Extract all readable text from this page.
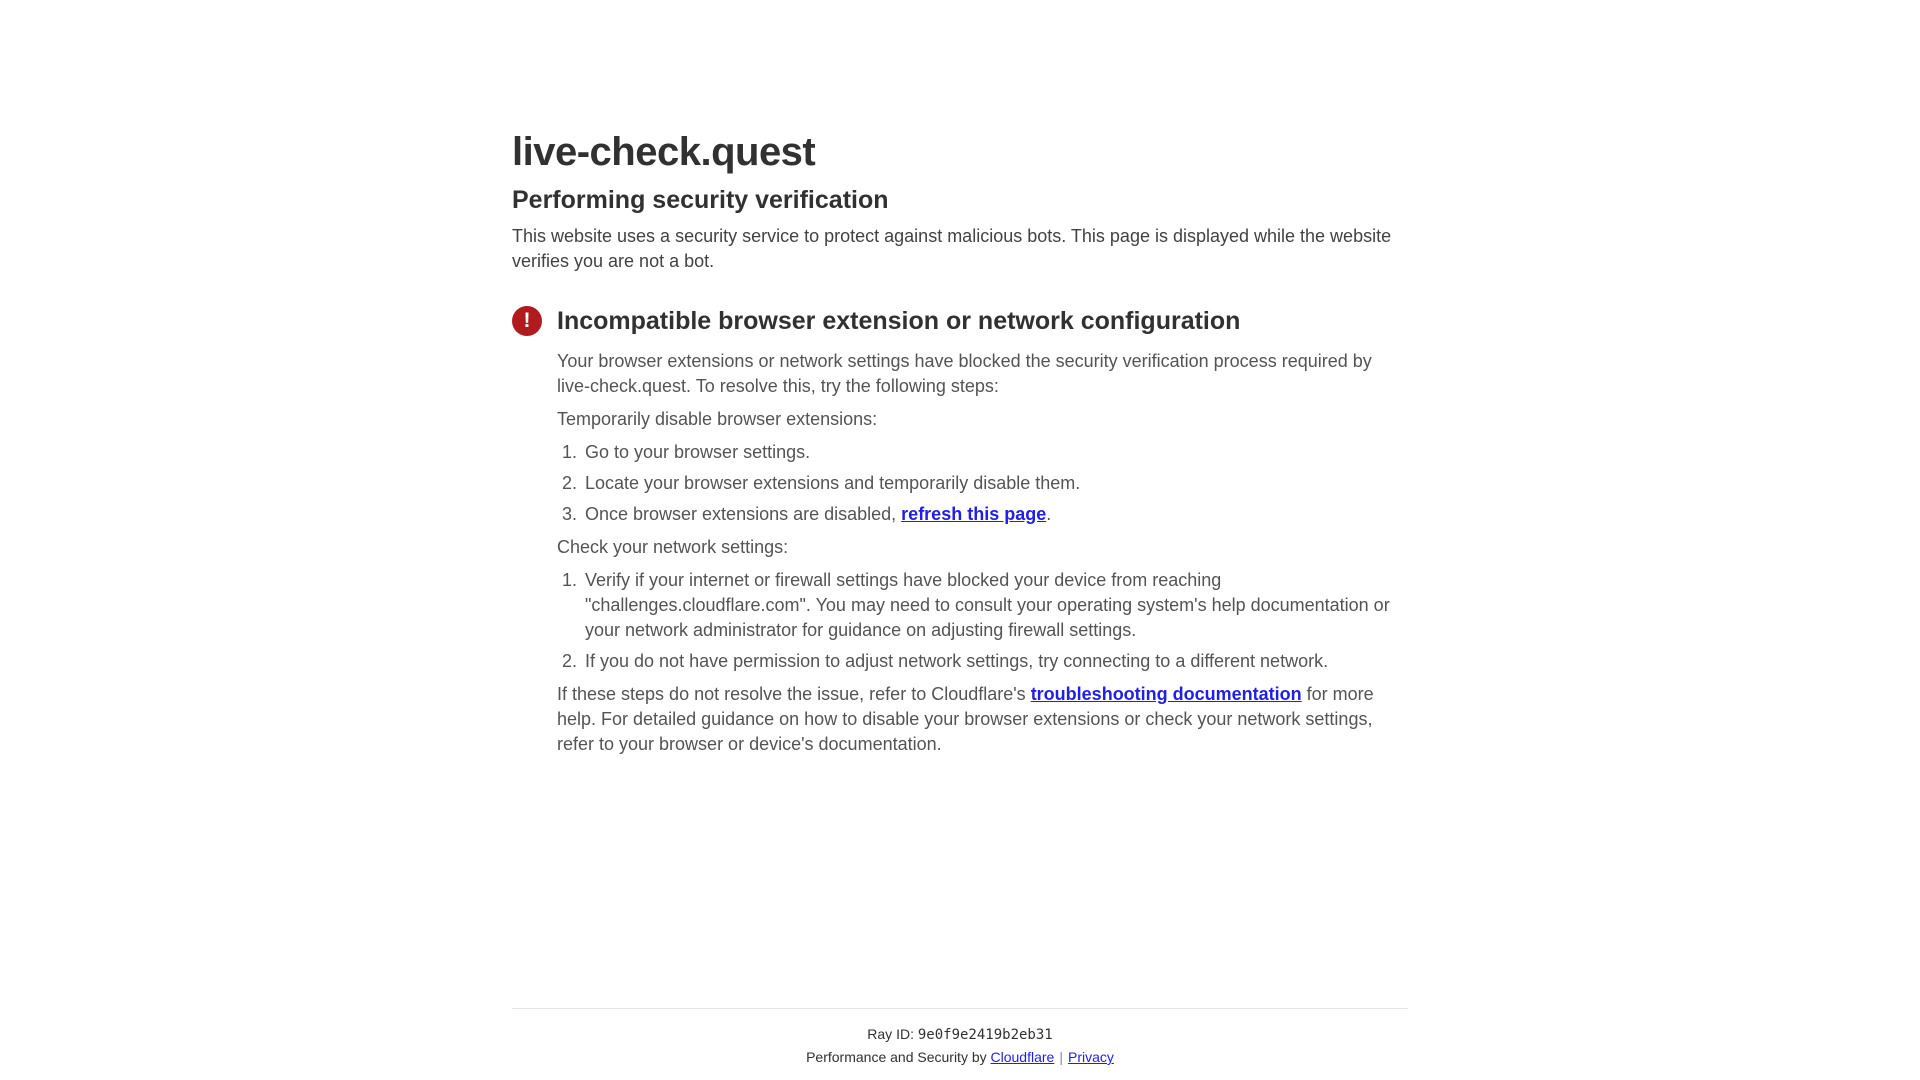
live-check.quest
Performing security verification

This website uses a security service to protect against malicious bots. This page is displayed while the website verifies you are not a bot.

!	Incompatible browser extension or network configuration

Your browser extensions or network settings have blocked the security verification process required by live-check.quest. To resolve this, try the following steps:

Temporarily disable browser extensions:

1. Go to your browser settings.
2. Locate your browser extensions and temporarily disable them.
3. Once browser extensions are disabled, refresh this page.

Check your network settings:

1. Verify if your internet or firewall settings have blocked your device from reaching "challenges.cloudflare.com". You may need to consult your operating system's help documentation or your network administrator for guidance on adjusting firewall settings.
2. If you do not have permission to adjust network settings, try connecting to a different network.

If these steps do not resolve the issue, refer to Cloudflare's troubleshooting documentation for more help. For detailed guidance on how to disable your browser extensions or check your network settings, refer to your browser or device's documentation.

Ray ID: 9e0f9e2419b2eb31
Performance and Security by Cloudflare | Privacy
